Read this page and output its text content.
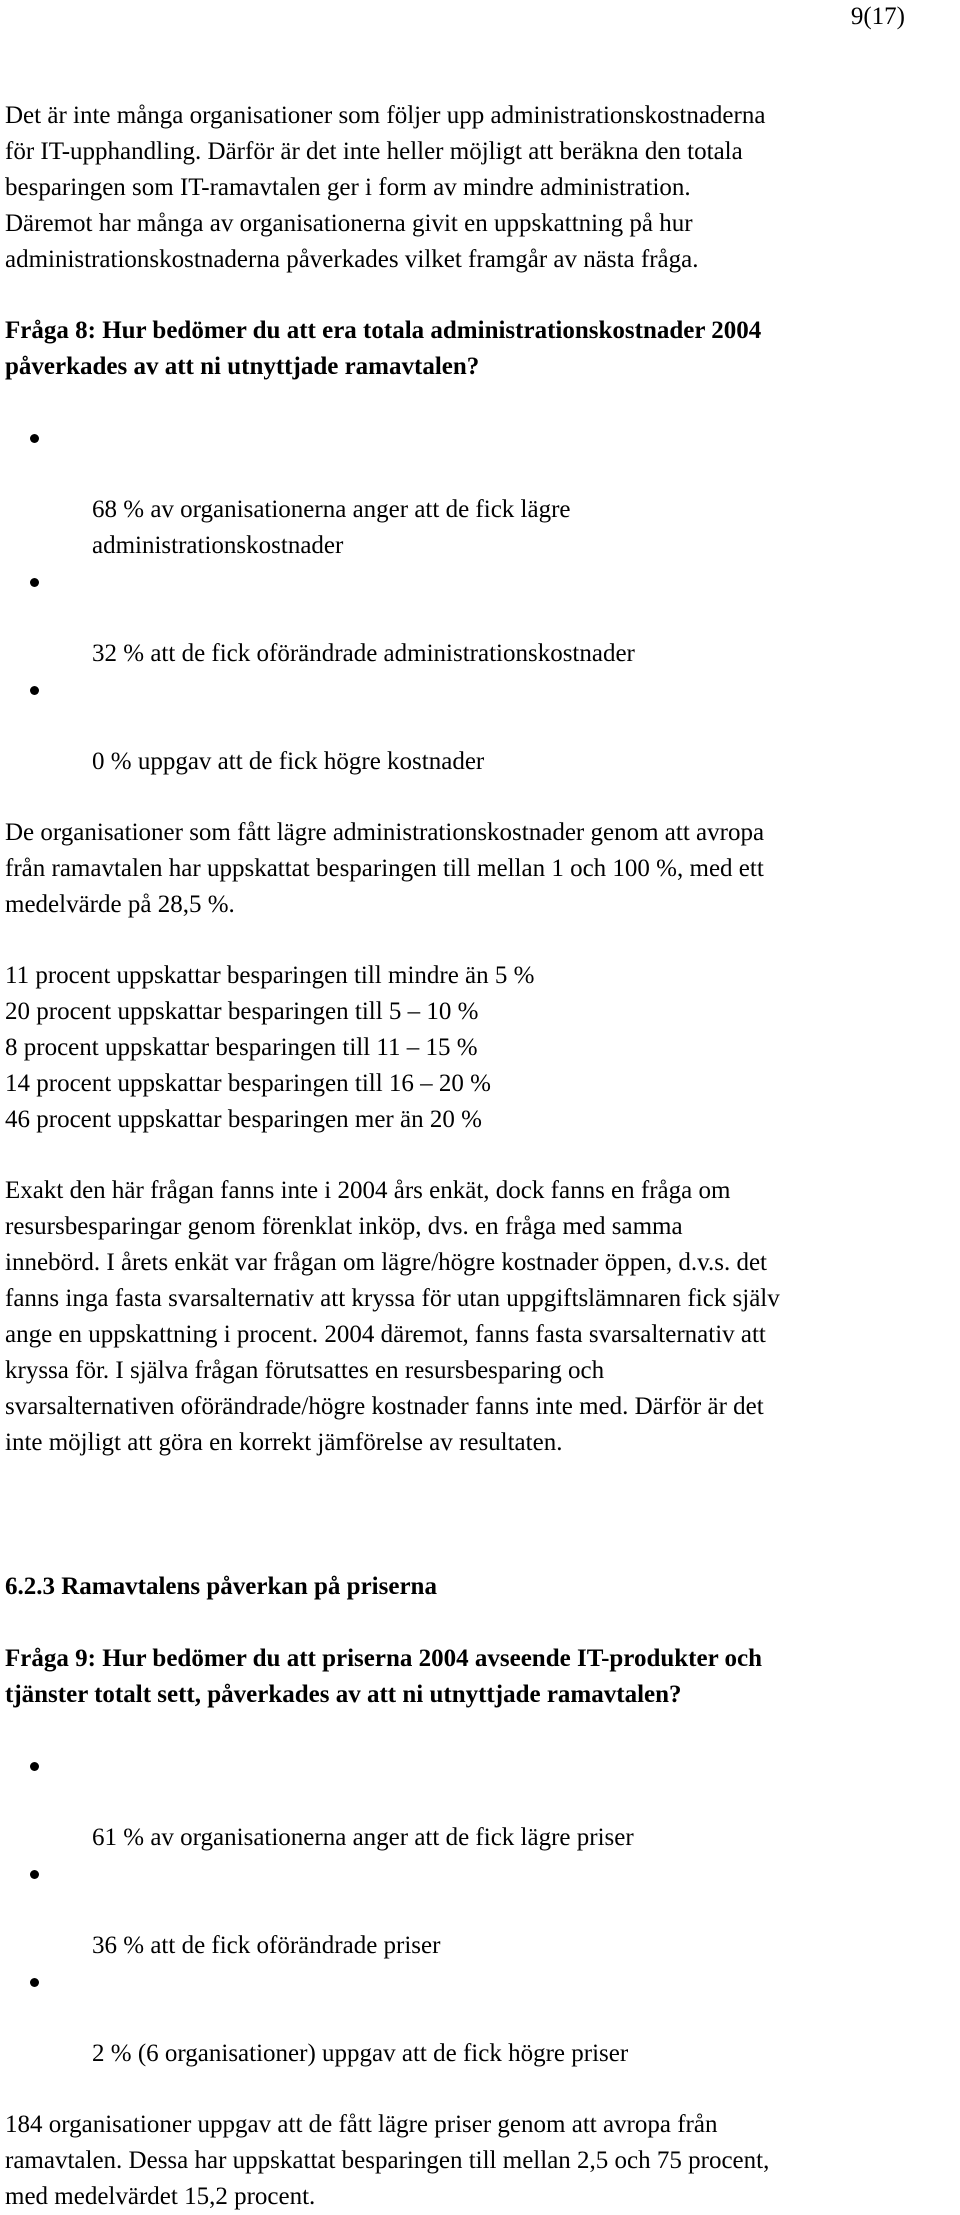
9(17)

Det är inte många organisationer som följer upp administrationskostnaderna
för IT-upphandling. Därför är det inte heller möjligt att beräkna den totala
besparingen som IT-ramavtalen ger i form av mindre administration.
Däremot har många av organisationerna givit en uppskattning på hur
administrationskostnaderna påverkades vilket framgår av nästa fråga.

Fråga 8: Hur bedömer du att era totala administrationskostnader 2004
påverkades av att ni utnyttjade ramavtalen?

68 % av organisationerna anger att de fick lägre
administrationskostnader

32 % att de fick oförändrade administrationskostnader

0 % uppgav att de fick högre kostnader

De organisationer som fått lägre administrationskostnader genom att avropa
från ramavtalen har uppskattat besparingen till mellan 1 och 100 %, med ett
medelvärde på 28,5 %.

11 procent uppskattar besparingen till mindre än 5 %

20 procent uppskattar besparingen till 5 – 10 %

8 procent uppskattar besparingen till 11 – 15 %

14 procent uppskattar besparingen till 16 – 20 %

46 procent uppskattar besparingen mer än 20 %

Exakt den här frågan fanns inte i 2004 års enkät, dock fanns en fråga om
resursbesparingar genom förenklat inköp, dvs. en fråga med samma
innebörd. I årets enkät var frågan om lägre/högre kostnader öppen, d.v.s. det
fanns inga fasta svarsalternativ att kryssa för utan uppgiftslämnaren fick själv
ange en uppskattning i procent. 2004 däremot, fanns fasta svarsalternativ att
kryssa för. I själva frågan förutsattes en resursbesparing och
svarsalternativen oförändrade/högre kostnader fanns inte med. Därför är det
inte möjligt att göra en korrekt jämförelse av resultaten.

6.2.3 Ramavtalens påverkan på priserna

Fråga 9: Hur bedömer du att priserna 2004 avseende IT-produkter och
tjänster totalt sett, påverkades av att ni utnyttjade ramavtalen?

61 % av organisationerna anger att de fick lägre priser

36 % att de fick oförändrade priser

2 % (6 organisationer) uppgav att de fick högre priser

184 organisationer uppgav att de fått lägre priser genom att avropa från
ramavtalen. Dessa har uppskattat besparingen till mellan 2,5 och 75 procent,
med medelvärdet 15,2 procent.
